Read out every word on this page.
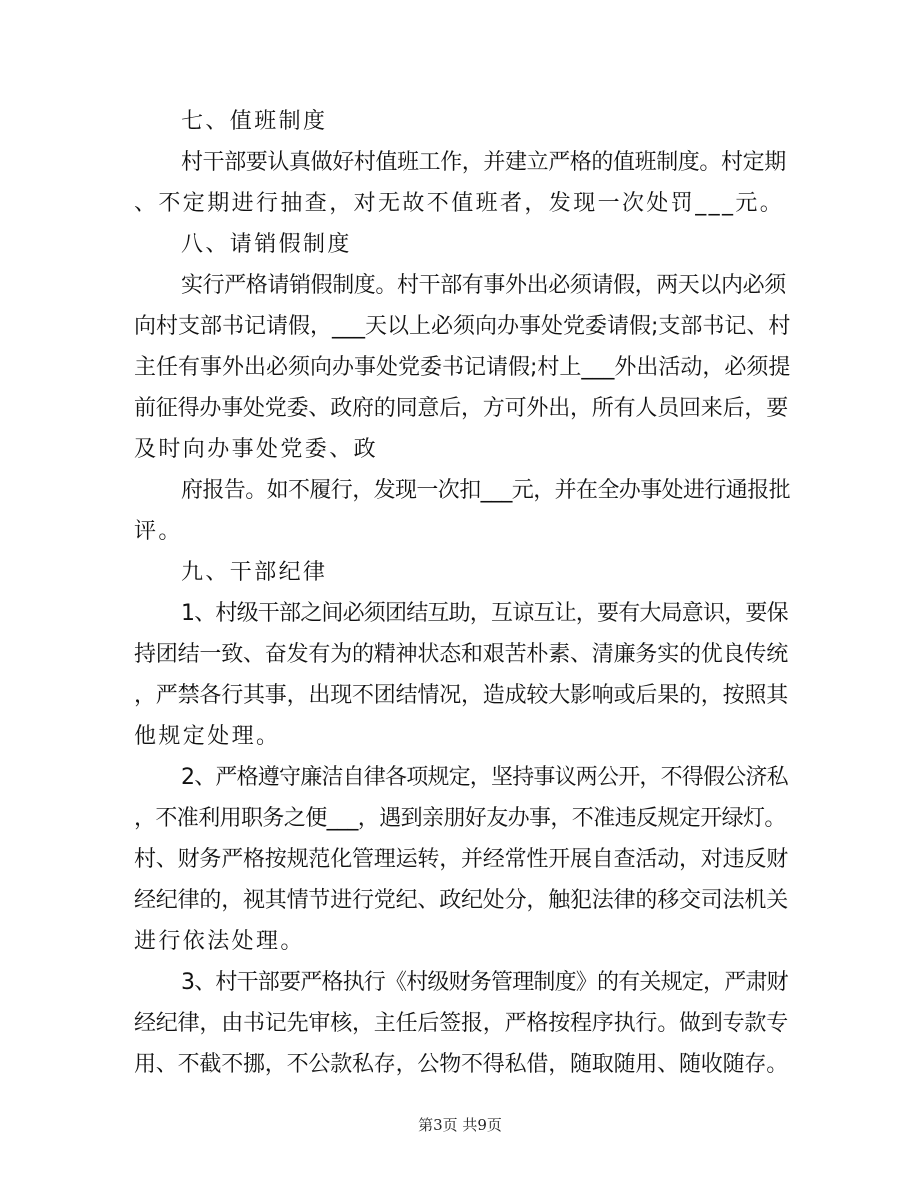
七、值班制度
村干部要认真做好村值班工作，并建立严格的值班制度。村定期
、不定期进行抽查，对无故不值班者，发现一次处罚___元。
八、请销假制度
实行严格请销假制度。村干部有事外出必须请假，两天以内必须
向村支部书记请假，___天以上必须向办事处党委请假;支部书记、村
主任有事外出必须向办事处党委书记请假;村上___外出活动，必须提
前征得办事处党委、政府的同意后，方可外出，所有人员回来后，要
及时向办事处党委、政
府报告。如不履行，发现一次扣___元，并在全办事处进行通报批
评。
九、干部纪律
1、村级干部之间必须团结互助，互谅互让，要有大局意识，要保
持团结一致、奋发有为的精神状态和艰苦朴素、清廉务实的优良传统
，严禁各行其事，出现不团结情况，造成较大影响或后果的，按照其
他规定处理。
2、严格遵守廉洁自律各项规定，坚持事议两公开，不得假公济私
，不准利用职务之便___，遇到亲朋好友办事，不准违反规定开绿灯。
村、财务严格按规范化管理运转，并经常性开展自查活动，对违反财
经纪律的，视其情节进行党纪、政纪处分，触犯法律的移交司法机关
进行依法处理。
3、村干部要严格执行《村级财务管理制度》的有关规定，严肃财
经纪律，由书记先审核，主任后签报，严格按程序执行。做到专款专
用、不截不挪，不公款私存，公物不得私借，随取随用、随收随存。
第3页 共9页
